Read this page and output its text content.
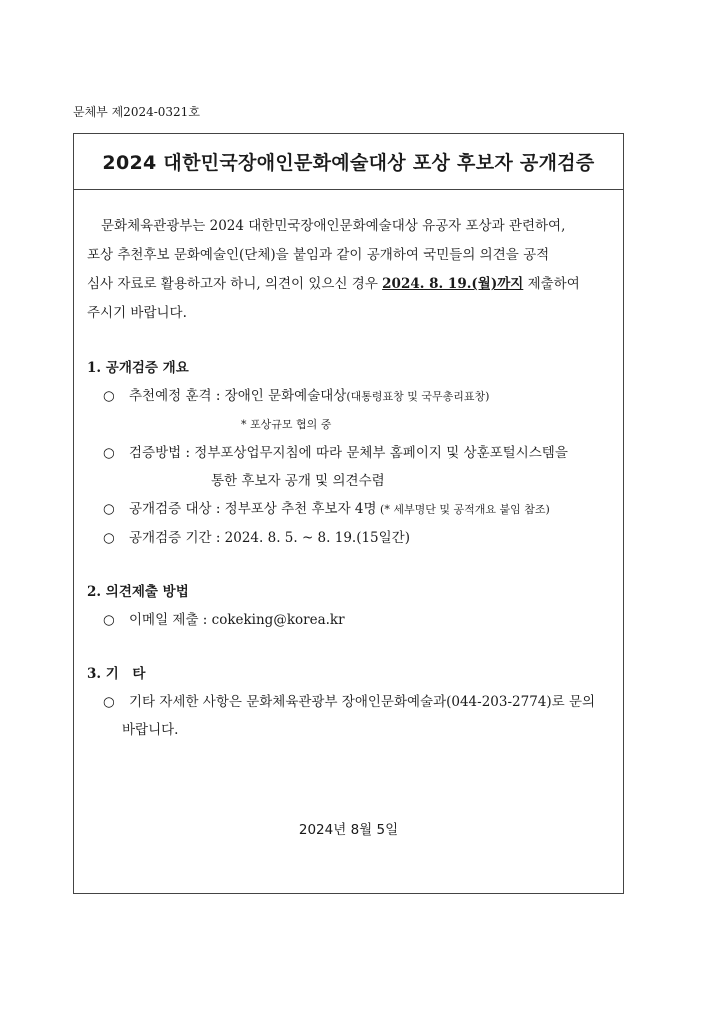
문체부 제2024-0321호
2024 대한민국장애인문화예술대상 포상 후보자 공개검증

문화체육관광부는 2024 대한민국장애인문화예술대상 유공자 포상과 관련하여,

포상 추천후보 문화예술인(단체)을 붙임과 같이 공개하여 국민들의 의견을 공적

심사 자료로 활용하고자 하니, 의견이 있으신 경우 2024. 8. 19.(월)까지 제출하여

주시기 바랍니다.

1. 공개검증 개요
○ 추천예정 훈격 : 장애인 문화예술대상(대통령표창 및 국무총리표창)
* 포상규모 협의 중
○ 검증방법 : 정부포상업무지침에 따라 문체부 홈페이지 및 상훈포털시스템을
통한 후보자 공개 및 의견수렴
○ 공개검증 대상 : 정부포상 추천 후보자 4명 (* 세부명단 및 공적개요 붙임 참조)
○ 공개검증 기간 : 2024. 8. 5. ~ 8. 19.(15일간)
2. 의견제출 방법
○ 이메일 제출 : cokeking@korea.kr
3. 기　타
○ 기타 자세한 사항은 문화체육관광부 장애인문화예술과(044-203-2774)로 문의
바랍니다.
2024년 8월 5일
